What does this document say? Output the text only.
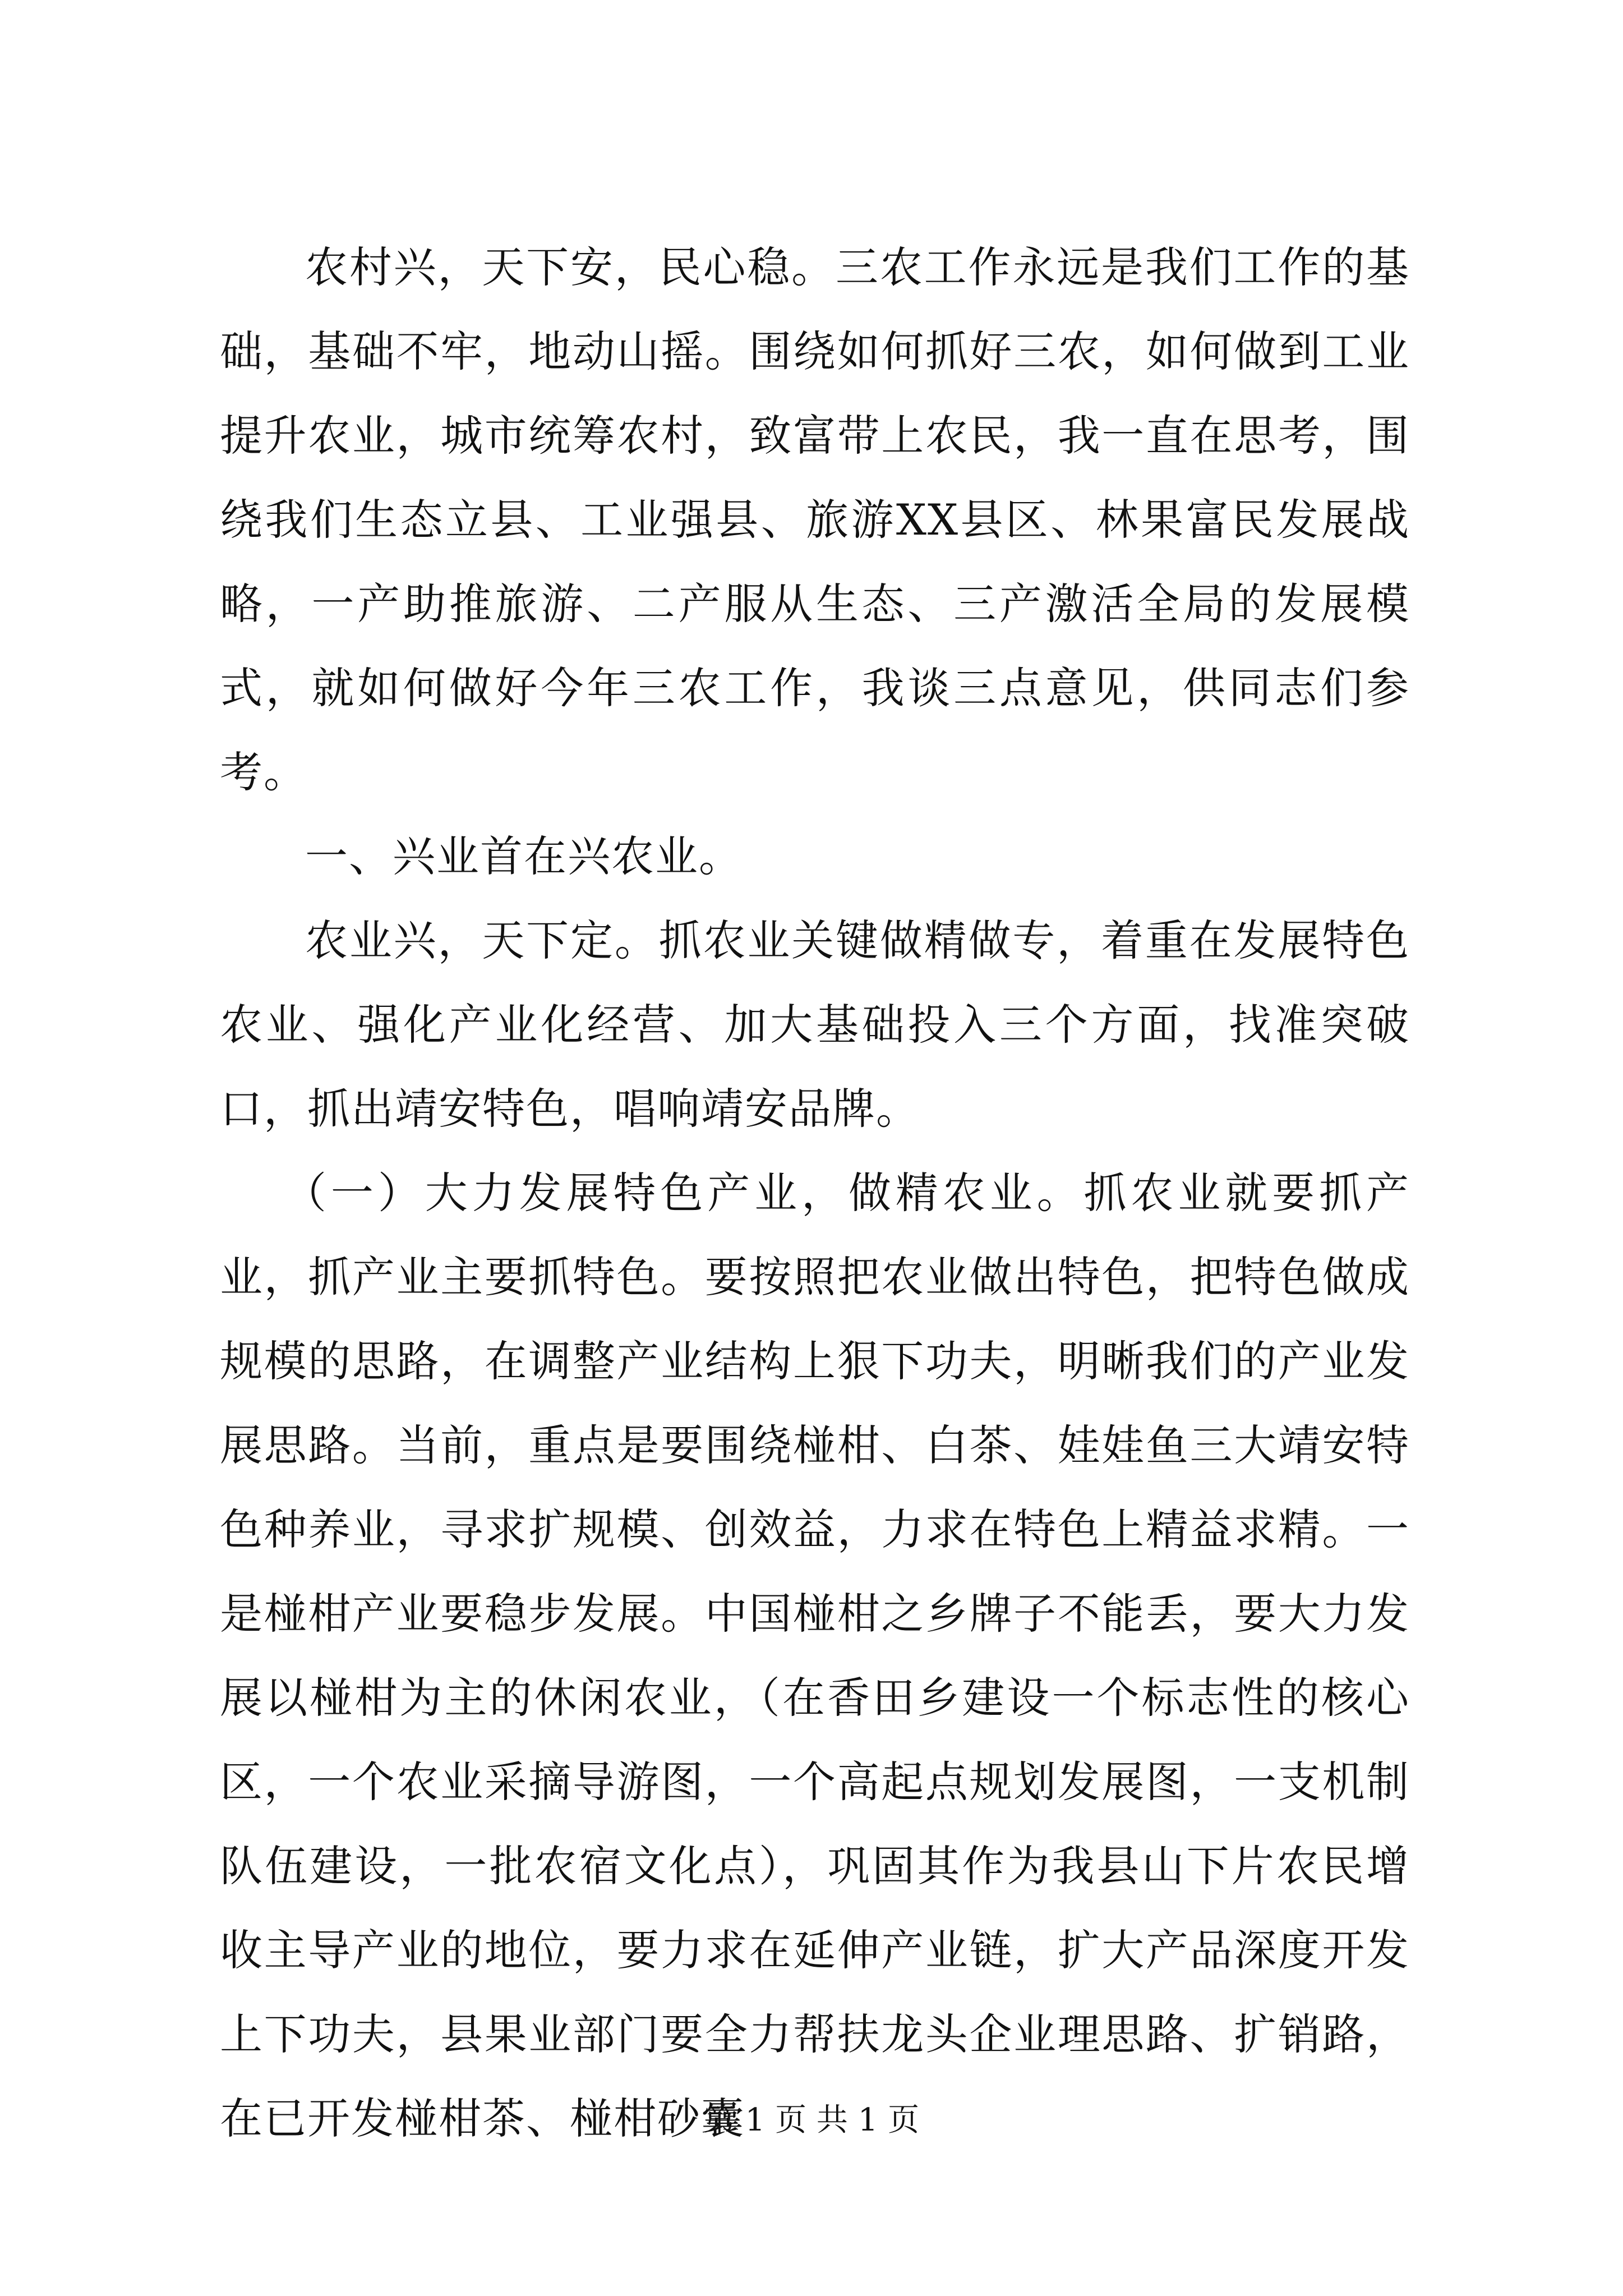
农村兴，天下安，民心稳。三农工作永远是我们工作的基础，基础不牢，地动山摇。围绕如何抓好三农，如何做到工业提升农业，城市统筹农村，致富带上农民，我一直在思考，围绕我们生态立县、工业强县、旅游XX县区、林果富民发展战略，一产助推旅游、二产服从生态、三产激活全局的发展模式，就如何做好今年三农工作，我谈三点意见，供同志们参考。

一、兴业首在兴农业。

农业兴，天下定。抓农业关键做精做专，着重在发展特色农业、强化产业化经营、加大基础投入三个方面，找准突破口，抓出靖安特色，唱响靖安品牌。

（一）大力发展特色产业，做精农业。抓农业就要抓产业，抓产业主要抓特色。要按照把农业做出特色，把特色做成规模的思路，在调整产业结构上狠下功夫，明晰我们的产业发展思路。当前，重点是要围绕椪柑、白茶、娃娃鱼三大靖安特色种养业，寻求扩规模、创效益，力求在特色上精益求精。一是椪柑产业要稳步发展。中国椪柑之乡牌子不能丢，要大力发展以椪柑为主的休闲农业，（在香田乡建设一个标志性的核心区，一个农业采摘导游图，一个高起点规划发展图，一支机制队伍建设，一批农宿文化点），巩固其作为我县山下片农民增收主导产业的地位，要力求在延伸产业链，扩大产品深度开发上下功夫，县果业部门要全力帮扶龙头企业理思路、扩销路，在已开发椪柑茶、椪柑砂囊

第 1 页 共 1 页
